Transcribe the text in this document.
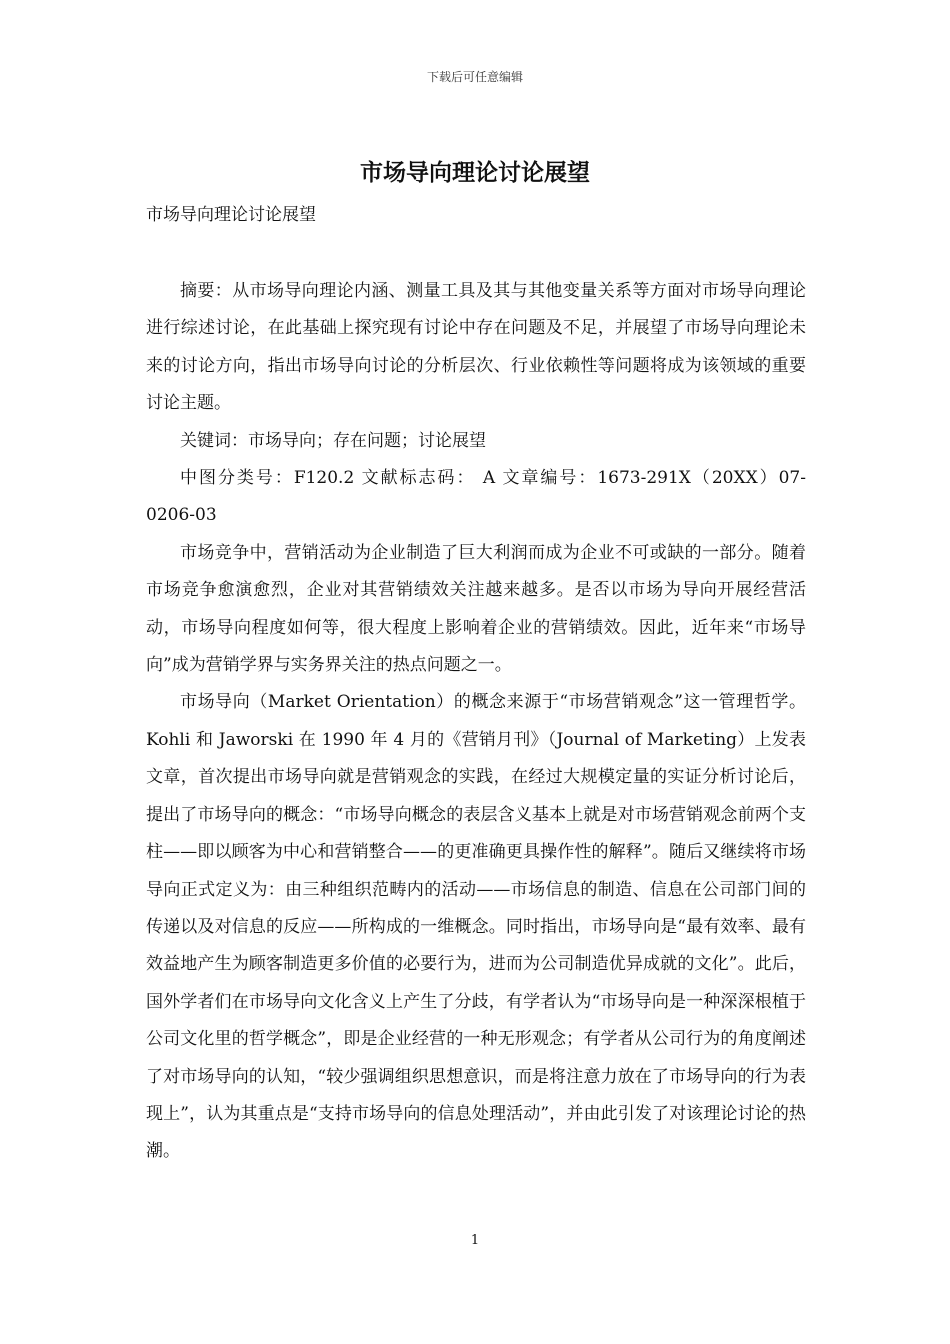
下载后可任意编辑
市场导向理论讨论展望

市场导向理论讨论展望

摘要：从市场导向理论内涵、测量工具及其与其他变量关系等方面对市场导向理论进行综述讨论，在此基础上探究现有讨论中存在问题及不足，并展望了市场导向理论未来的讨论方向，指出市场导向讨论的分析层次、行业依赖性等问题将成为该领域的重要讨论主题。

关键词：市场导向；存在问题；讨论展望

中图分类号：F120.2 文献标志码： A 文章编号：1673-291X（20XX）07-0206-03

市场竞争中，营销活动为企业制造了巨大利润而成为企业不可或缺的一部分。随着市场竞争愈演愈烈，企业对其营销绩效关注越来越多。是否以市场为导向开展经营活动，市场导向程度如何等，很大程度上影响着企业的营销绩效。因此，近年来“市场导向”成为营销学界与实务界关注的热点问题之一。

市场导向（Market Orientation）的概念来源于“市场营销观念”这一管理哲学。Kohli 和 Jaworski 在 1990 年 4 月的《营销月刊》（Journal of Marketing）上发表文章，首次提出市场导向就是营销观念的实践，在经过大规模定量的实证分析讨论后，提出了市场导向的概念：“市场导向概念的表层含义基本上就是对市场营销观念前两个支柱——即以顾客为中心和营销整合——的更准确更具操作性的解释”。随后又继续将市场导向正式定义为：由三种组织范畴内的活动——市场信息的制造、信息在公司部门间的传递以及对信息的反应——所构成的一维概念。同时指出，市场导向是“最有效率、最有效益地产生为顾客制造更多价值的必要行为，进而为公司制造优异成就的文化”。此后，国外学者们在市场导向文化含义上产生了分歧，有学者认为“市场导向是一种深深根植于公司文化里的哲学概念”，即是企业经营的一种无形观念；有学者从公司行为的角度阐述了对市场导向的认知，“较少强调组织思想意识，而是将注意力放在了市场导向的行为表现上”，认为其重点是“支持市场导向的信息处理活动”，并由此引发了对该理论讨论的热潮。

1
